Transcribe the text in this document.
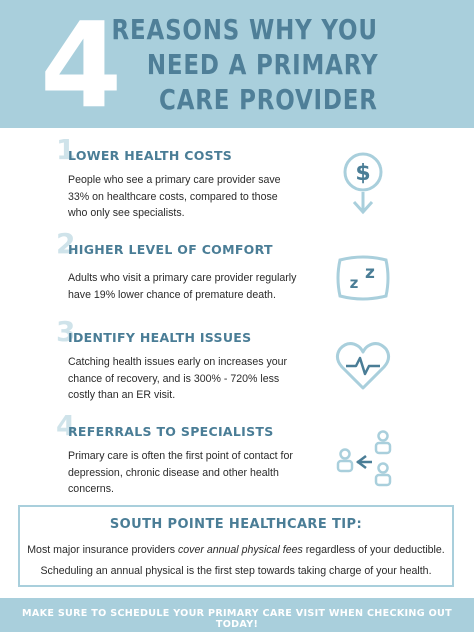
4
REASONS WHY YOU
NEED A PRIMARY
CARE PROVIDER
1
LOWER HEALTH COSTS
People who see a primary care provider save 33% on healthcare costs, compared to those who only see specialists.
$
2
HIGHER LEVEL OF COMFORT
Adults who visit a primary care provider regularly have 19% lower chance of premature death.
z z
3
IDENTIFY HEALTH ISSUES
Catching health issues early on increases your chance of recovery, and is 300% - 720% less costly than an ER visit.
4
REFERRALS TO SPECIALISTS
Primary care is often the first point of contact for depression, chronic disease and other health concerns.
SOUTH POINTE HEALTHCARE TIP:
Most major insurance providers cover annual physical fees regardless of your deductible.
Scheduling an annual physical is the first step towards taking charge of your health.
MAKE SURE TO SCHEDULE YOUR PRIMARY CARE VISIT WHEN CHECKING OUT TODAY!
